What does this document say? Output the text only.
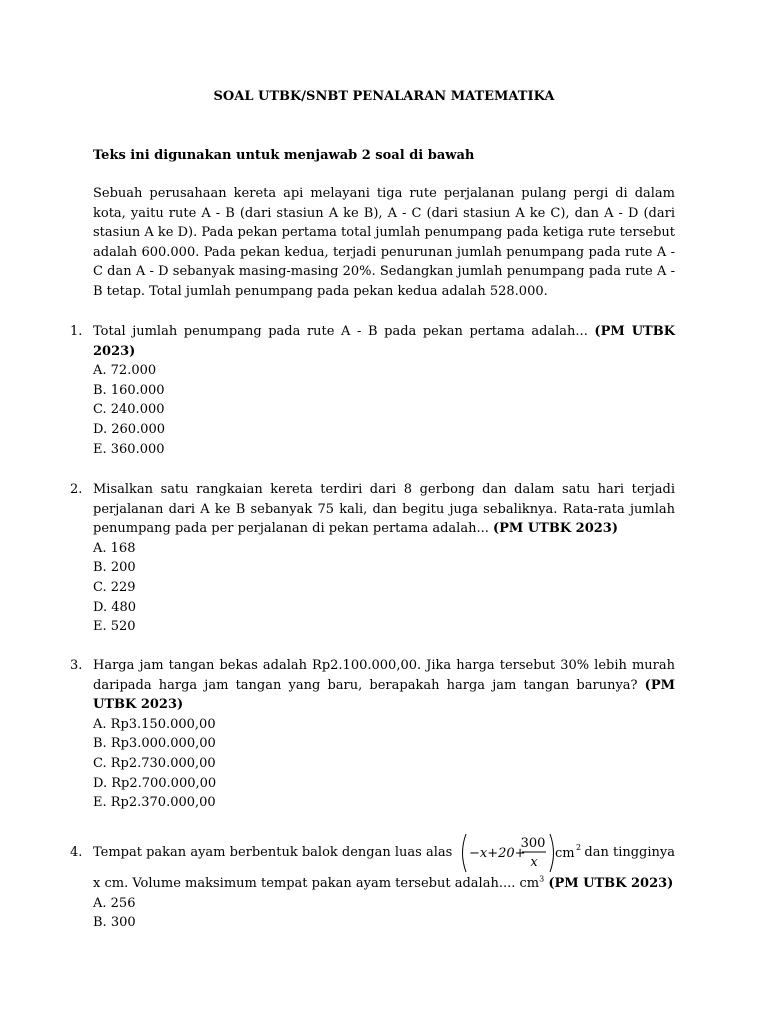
SOAL UTBK/SNBT PENALARAN MATEMATIKA
Teks ini digunakan untuk menjawab 2 soal di bawah
Sebuah perusahaan kereta api melayani tiga rute perjalanan pulang pergi di dalam kota, yaitu rute A - B (dari stasiun A ke B), A - C (dari stasiun A ke C), dan A - D (dari stasiun A ke D). Pada pekan pertama total jumlah penumpang pada ketiga rute tersebut adalah 600.000. Pada pekan kedua, terjadi penurunan jumlah penumpang pada rute A - C dan A - D sebanyak masing-masing 20%. Sedangkan jumlah penumpang pada rute A - B tetap. Total jumlah penumpang pada pekan kedua adalah 528.000.
1. Total jumlah penumpang pada rute A - B pada pekan pertama adalah... (PM UTBK 2023)
A. 72.000
B. 160.000
C. 240.000
D. 260.000
E. 360.000
2. Misalkan satu rangkaian kereta terdiri dari 8 gerbong dan dalam satu hari terjadi perjalanan dari A ke B sebanyak 75 kali, dan begitu juga sebaliknya. Rata-rata jumlah penumpang pada per perjalanan di pekan pertama adalah... (PM UTBK 2023)
A. 168
B. 200
C. 229
D. 480
E. 520
3. Harga jam tangan bekas adalah Rp2.100.000,00. Jika harga tersebut 30% lebih murah daripada harga jam tangan yang baru, berapakah harga jam tangan barunya? (PM UTBK 2023)
A. Rp3.150.000,00
B. Rp3.000.000,00
C. Rp2.730.000,00
D. Rp2.700.000,00
E. Rp2.370.000,00
4. Tempat pakan ayam berbentuk balok dengan luas alas −x+20+
300
x
cm 2 dan tingginya
x cm. Volume maksimum tempat pakan ayam tersebut adalah.... $cm^3$ (PM UTBK 2023)
A. 256
B. 300
